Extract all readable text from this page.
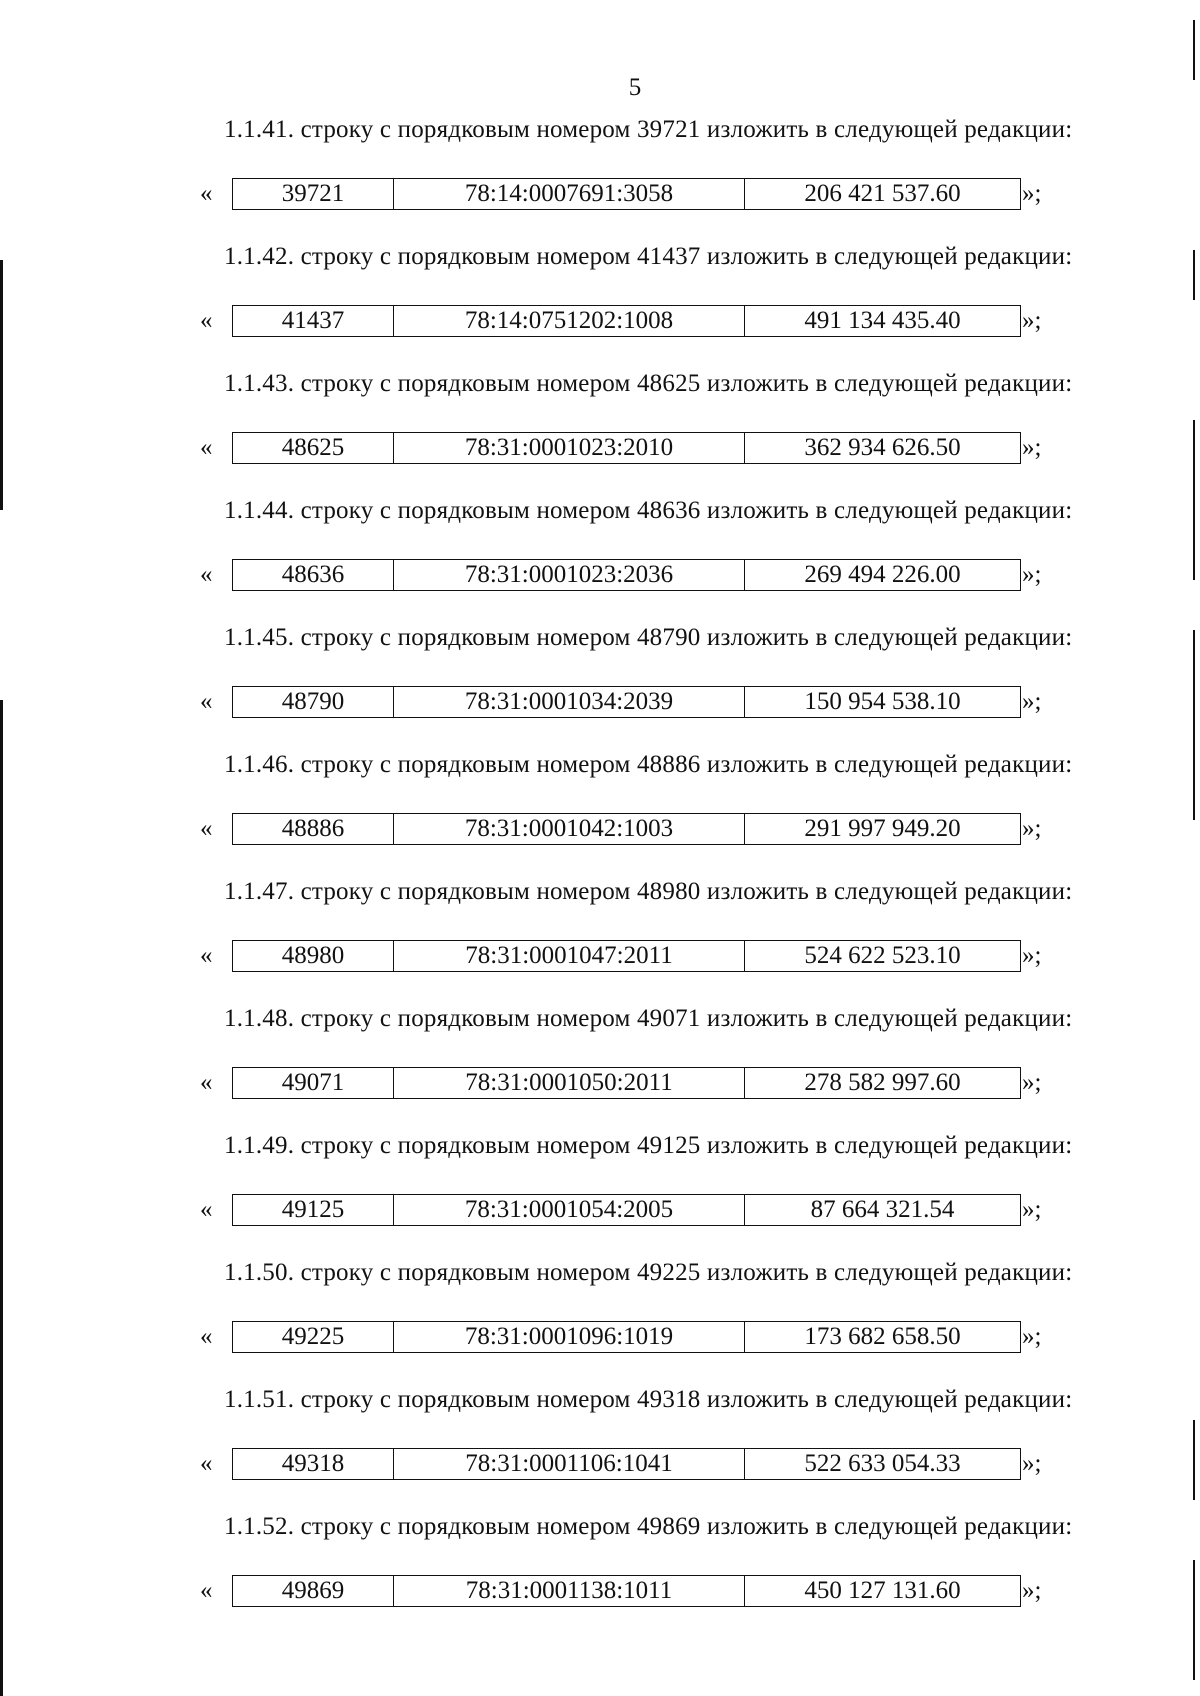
5
1.1.41. строку с порядковым номером 39721 изложить в следующей редакции:
«	39721	78:14:0007691:3058	206 421 537.60 »;
1.1.42. строку с порядковым номером 41437 изложить в следующей редакции:
«	41437	78:14:0751202:1008	491 134 435.40 »;
1.1.43. строку с порядковым номером 48625 изложить в следующей редакции:
«	48625	78:31:0001023:2010	362 934 626.50 »;
1.1.44. строку с порядковым номером 48636 изложить в следующей редакции:
«	48636	78:31:0001023:2036	269 494 226.00 »;
1.1.45. строку с порядковым номером 48790 изложить в следующей редакции:
«	48790	78:31:0001034:2039	150 954 538.10 »;
1.1.46. строку с порядковым номером 48886 изложить в следующей редакции:
«	48886	78:31:0001042:1003	291 997 949.20 »;
1.1.47. строку с порядковым номером 48980 изложить в следующей редакции:
«	48980	78:31:0001047:2011	524 622 523.10 »;
1.1.48. строку с порядковым номером 49071 изложить в следующей редакции:
«	49071	78:31:0001050:2011	278 582 997.60 »;
1.1.49. строку с порядковым номером 49125 изложить в следующей редакции:
«	49125	78:31:0001054:2005	87 664 321.54	»;
1.1.50. строку с порядковым номером 49225 изложить в следующей редакции:
«	49225	78:31:0001096:1019	173 682 658.50 »;
1.1.51. строку с порядковым номером 49318 изложить в следующей редакции:
«	49318	78:31:0001106:1041	522 633 054.33 »;
1.1.52. строку с порядковым номером 49869 изложить в следующей редакции:
«	49869	78:31:0001138:1011	450 127 131.60 »;
